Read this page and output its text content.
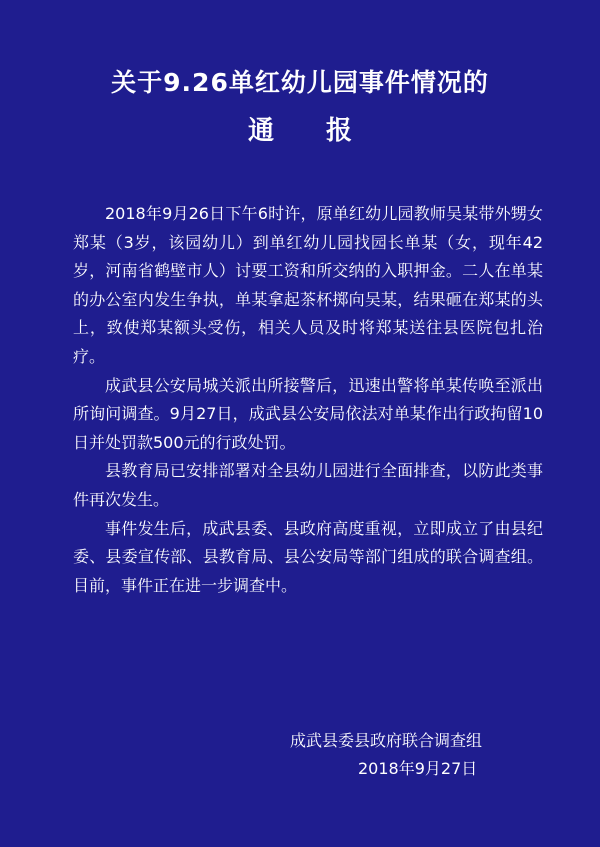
关于9.26单红幼儿园事件情况的
通 报

2018年9月26日下午6时许，原单红幼儿园教师吴某带外甥女郑某（3岁，该园幼儿）到单红幼儿园找园长单某（女，现年42岁，河南省鹤壁市人）讨要工资和所交纳的入职押金。二人在单某的办公室内发生争执，单某拿起茶杯掷向吴某，结果砸在郑某的头上，致使郑某额头受伤，相关人员及时将郑某送往县医院包扎治疗。

成武县公安局城关派出所接警后，迅速出警将单某传唤至派出所询问调查。9月27日，成武县公安局依法对单某作出行政拘留10日并处罚款500元的行政处罚。

县教育局已安排部署对全县幼儿园进行全面排查，以防此类事件再次发生。

事件发生后，成武县委、县政府高度重视，立即成立了由县纪委、县委宣传部、县教育局、县公安局等部门组成的联合调查组。目前，事件正在进一步调查中。

成武县委县政府联合调查组
2018年9月27日
